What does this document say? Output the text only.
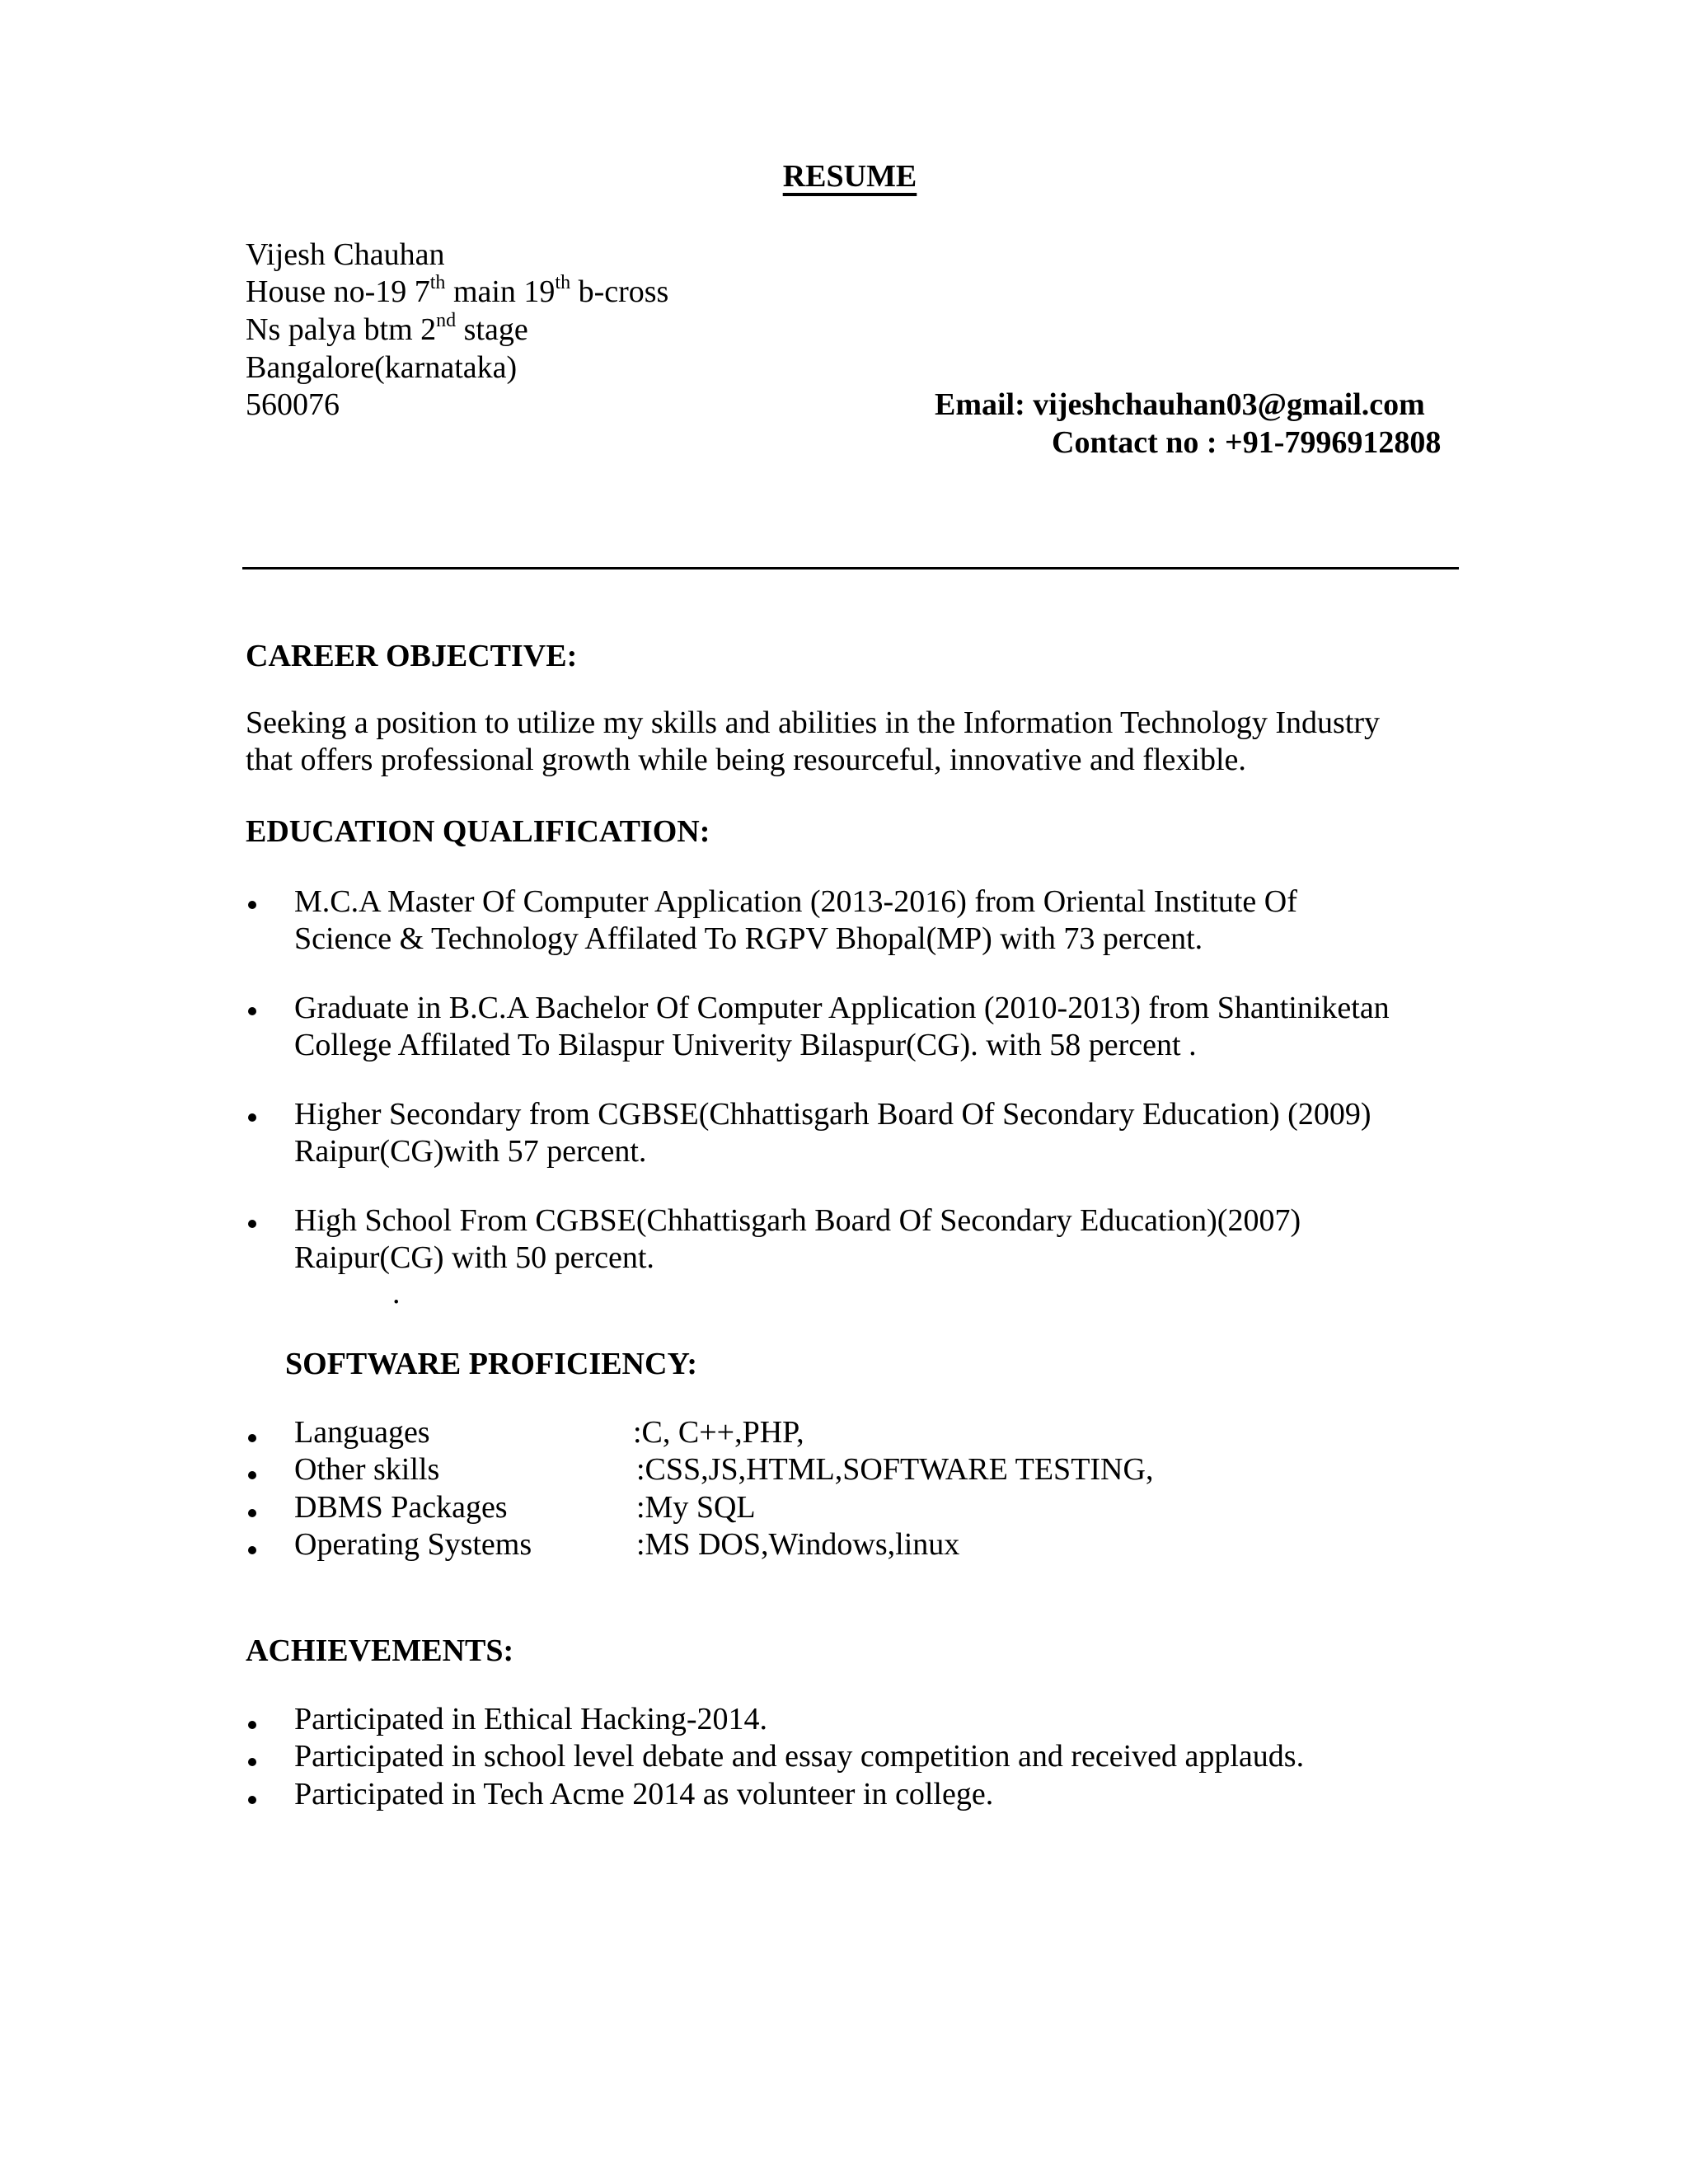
RESUME
Vijesh Chauhan
House no-19 7th main 19th b-cross
Ns palya btm 2nd stage
Bangalore(karnataka)
560076	Email: vijeshchauhan03@gmail.com
Contact no : +91-7996912808
CAREER OBJECTIVE:
Seeking a position to utilize my skills and abilities in the Information Technology Industry
that offers professional growth while being resourceful, innovative and flexible.
EDUCATION QUALIFICATION:
M.C.A Master Of Computer Application (2013-2016) from Oriental Institute Of
Science & Technology Affilated To RGPV Bhopal(MP) with 73 percent.
Graduate in B.C.A Bachelor Of Computer Application (2010-2013) from Shantiniketan
College Affilated To Bilaspur Univerity Bilaspur(CG). with 58 percent .
Higher Secondary from CGBSE(Chhattisgarh Board Of Secondary Education) (2009)
Raipur(CG)with 57 percent.
High School From CGBSE(Chhattisgarh Board Of Secondary Education)(2007)
Raipur(CG) with 50 percent.
.
SOFTWARE PROFICIENCY:
Languages	:C, C++,PHP,
Other skills	:CSS,JS,HTML,SOFTWARE TESTING,
DBMS Packages	:My SQL
Operating Systems	:MS DOS,Windows,linux
ACHIEVEMENTS:
Participated in Ethical Hacking-2014.
Participated in school level debate and essay competition and received applauds.
Participated in Tech Acme 2014 as volunteer in college.
